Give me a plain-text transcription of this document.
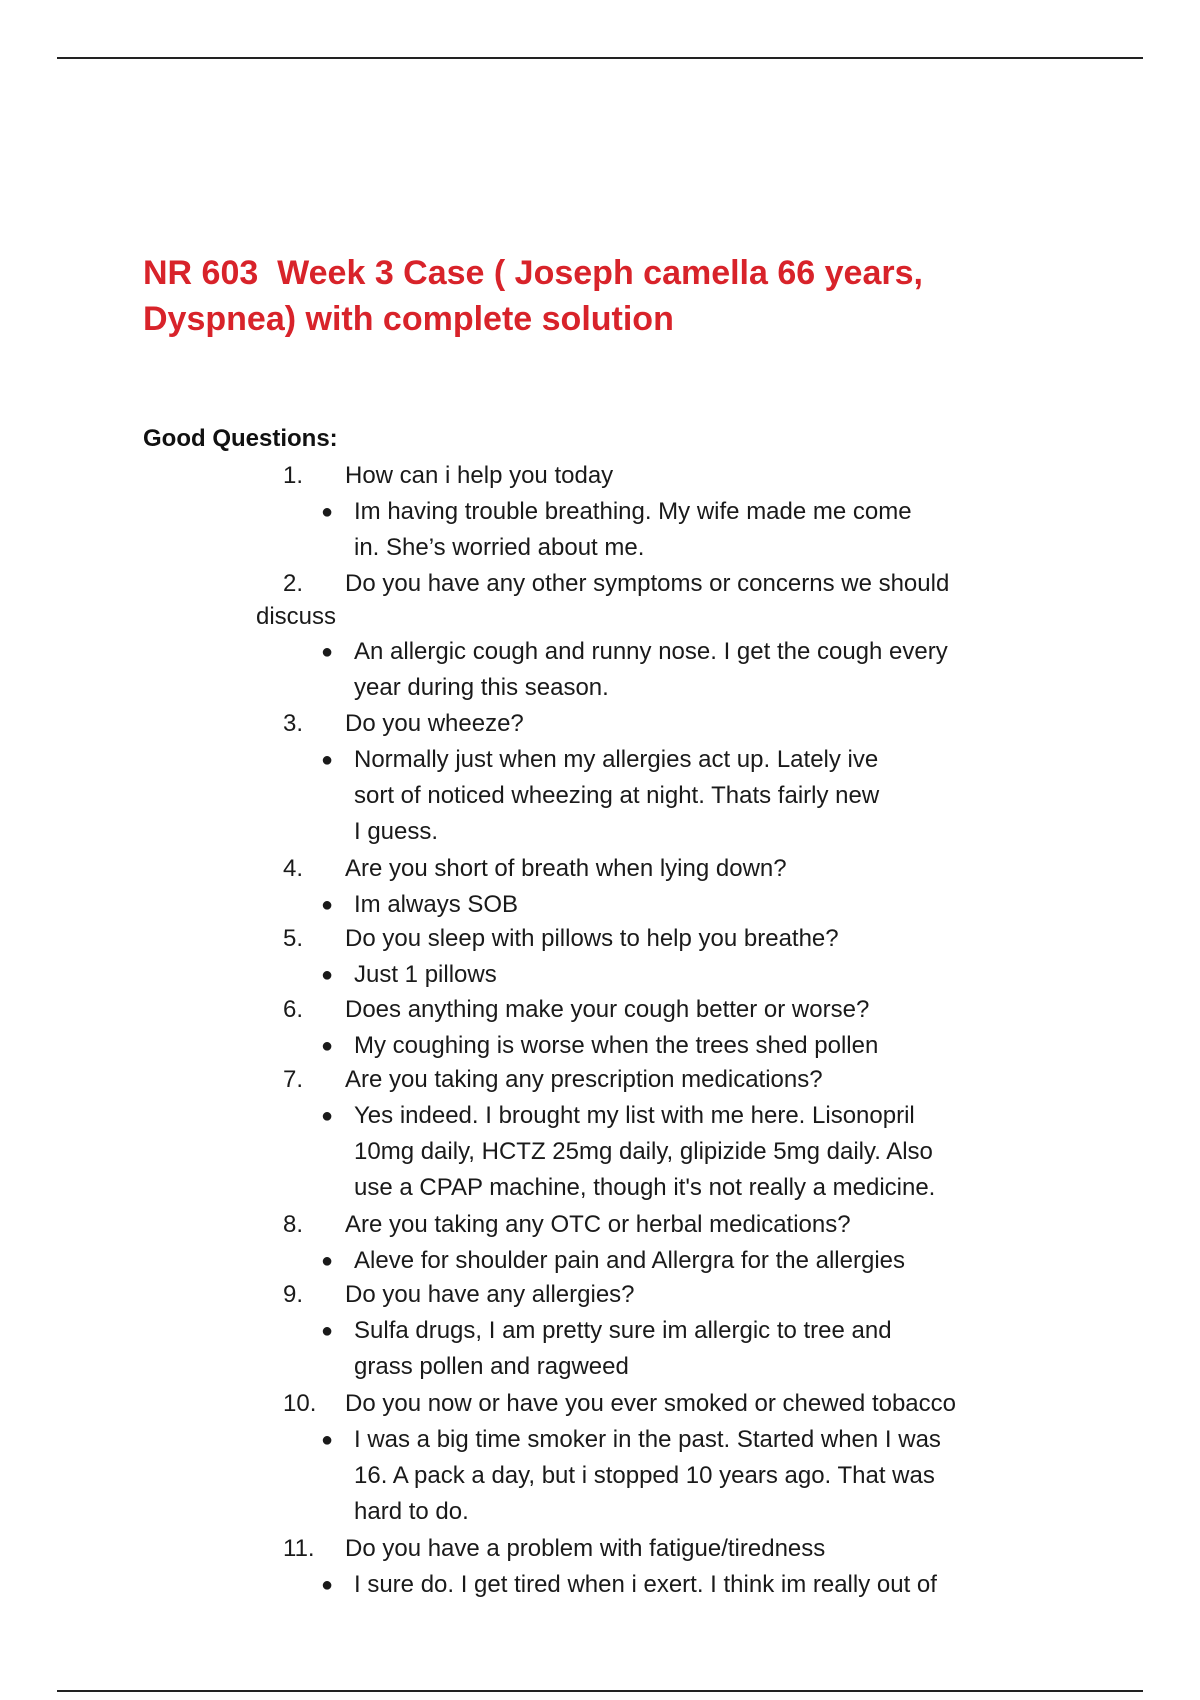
NR 603  Week 3 Case ( Joseph camella 66 years,
Dyspnea) with complete solution
Good Questions:
1. How can i help you today
● Im having trouble breathing. My wife made me come
in. She’s worried about me.
2. Do you have any other symptoms or concerns we should
discuss
● An allergic cough and runny nose. I get the cough every
year during this season.
3. Do you wheeze?
● Normally just when my allergies act up. Lately ive
sort of noticed wheezing at night. Thats fairly new
I guess.
4. Are you short of breath when lying down?
● Im always SOB
5. Do you sleep with pillows to help you breathe?
● Just 1 pillows
6. Does anything make your cough better or worse?
● My coughing is worse when the trees shed pollen
7. Are you taking any prescription medications?
● Yes indeed. I brought my list with me here. Lisonopril
10mg daily, HCTZ 25mg daily, glipizide 5mg daily. Also
use a CPAP machine, though it's not really a medicine.
8. Are you taking any OTC or herbal medications?
● Aleve for shoulder pain and Allergra for the allergies
9. Do you have any allergies?
● Sulfa drugs, I am pretty sure im allergic to tree and
grass pollen and ragweed
10. Do you now or have you ever smoked or chewed tobacco
● I was a big time smoker in the past. Started when I was
16. A pack a day, but i stopped 10 years ago. That was
hard to do.
11. Do you have a problem with fatigue/tiredness
● I sure do. I get tired when i exert. I think im really out of
